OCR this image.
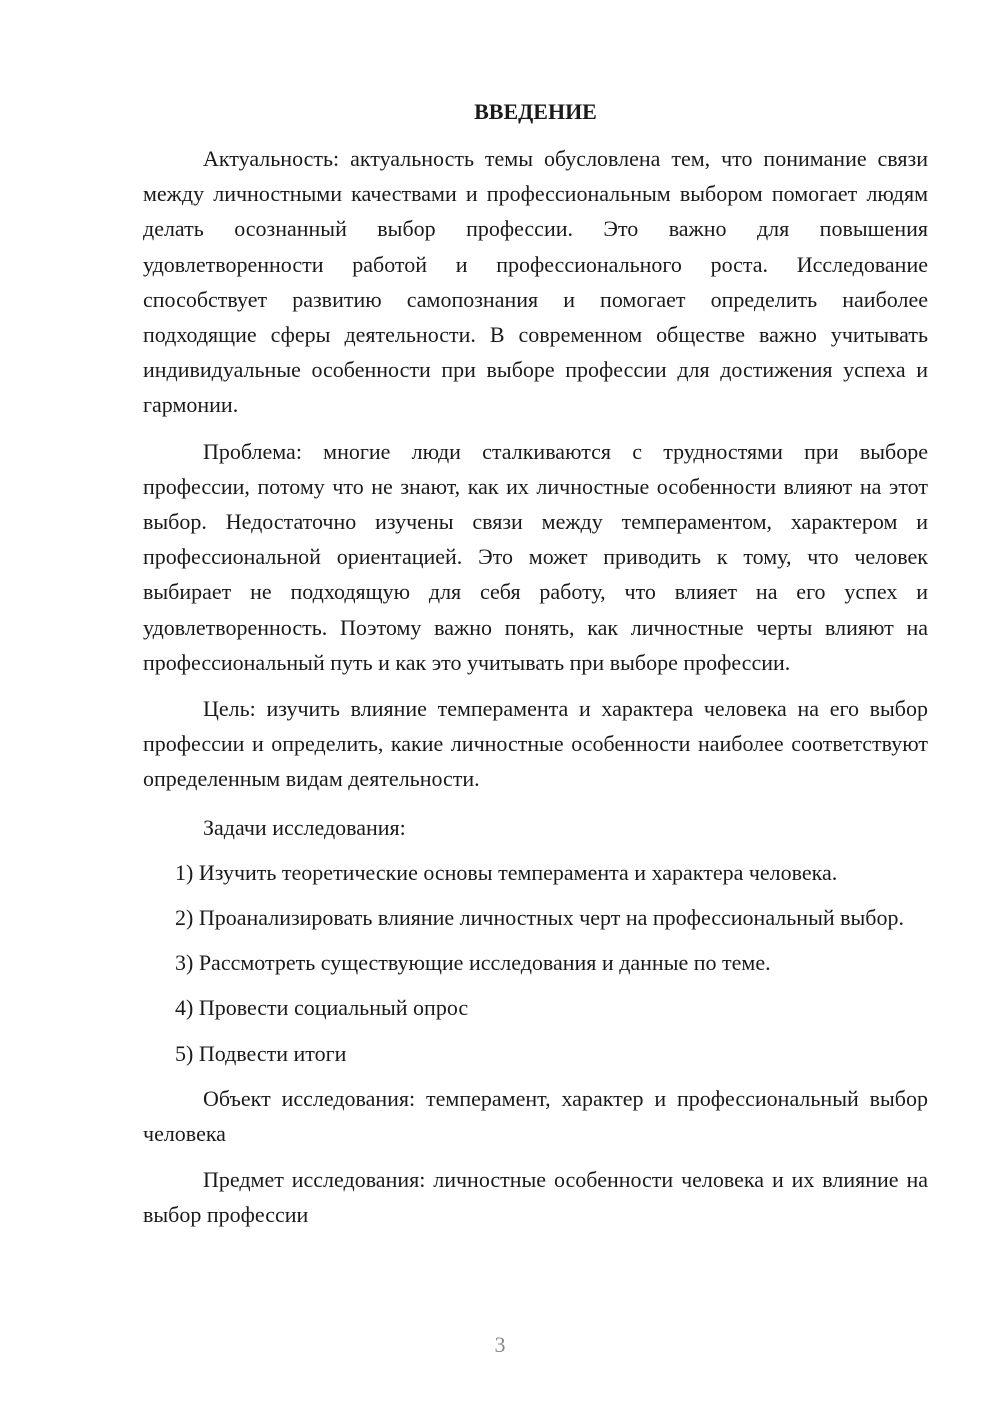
ВВЕДЕНИЕ

Актуальность: актуальность темы обусловлена тем, что понимание связи между личностными качествами и профессиональным выбором помогает людям делать осознанный выбор профессии. Это важно для повышения удовлетворенности работой и профессионального роста. Исследование способствует развитию самопознания и помогает определить наиболее подходящие сферы деятельности. В современном обществе важно учитывать индивидуальные особенности при выборе профессии для достижения успеха и гармонии.

Проблема: многие люди сталкиваются с трудностями при выборе профессии, потому что не знают, как их личностные особенности влияют на этот выбор. Недостаточно изучены связи между темпераментом, характером и профессиональной ориентацией. Это может приводить к тому, что человек выбирает не подходящую для себя работу, что влияет на его успех и удовлетворенность. Поэтому важно понять, как личностные черты влияют на профессиональный путь и как это учитывать при выборе профессии.

Цель: изучить влияние темперамента и характера человека на его выбор профессии и определить, какие личностные особенности наиболее соответствуют определенным видам деятельности.

Задачи исследования:

1) Изучить теоретические основы темперамента и характера человека.

2) Проанализировать влияние личностных черт на профессиональный выбор.

3) Рассмотреть существующие исследования и данные по теме.

4) Провести социальный опрос

5) Подвести итоги

Объект исследования: темперамент, характер и профессиональный выбор человека

Предмет исследования: личностные особенности человека и их влияние на выбор профессии

3
